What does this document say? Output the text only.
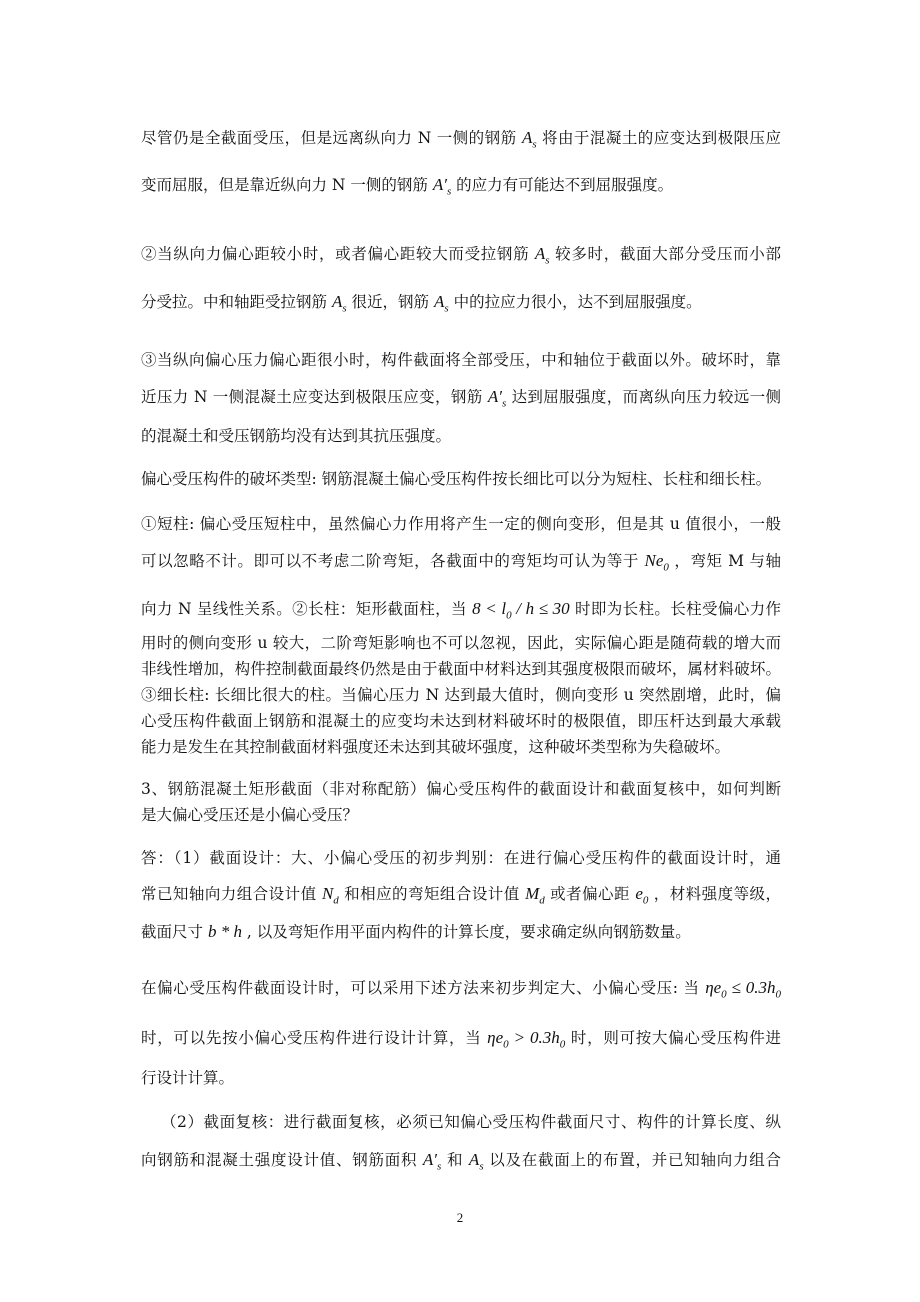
尽管仍是全截面受压，但是远离纵向力 N 一侧的钢筋 $A_s$ 将由于混凝土的应变达到极限压应
变而屈服，但是靠近纵向力 N 一侧的钢筋 $A'_s$ 的应力有可能达不到屈服强度。
②当纵向力偏心距较小时，或者偏心距较大而受拉钢筋 $A_s$ 较多时，截面大部分受压而小部
分受拉。中和轴距受拉钢筋 $A_s$ 很近，钢筋 $A_s$ 中的拉应力很小，达不到屈服强度。
③当纵向偏心压力偏心距很小时，构件截面将全部受压，中和轴位于截面以外。破坏时，靠
近压力 N 一侧混凝土应变达到极限压应变，钢筋 $A'_s$ 达到屈服强度，而离纵向压力较远一侧
的混凝土和受压钢筋均没有达到其抗压强度。
偏心受压构件的破坏类型: 钢筋混凝土偏心受压构件按长细比可以分为短柱、长柱和细长柱。
①短柱: 偏心受压短柱中，虽然偏心力作用将产生一定的侧向变形，但是其 u 值很小，一般
可以忽略不计。即可以不考虑二阶弯矩，各截面中的弯矩均可认为等于 $Ne_0$ ，弯矩 M 与轴
向力 N 呈线性关系。②长柱：矩形截面柱，当 $8 < l_0 / h \le 30$ 时即为长柱。长柱受偏心力作
用时的侧向变形 u 较大，二阶弯矩影响也不可以忽视，因此，实际偏心距是随荷载的增大而
非线性增加，构件控制截面最终仍然是由于截面中材料达到其强度极限而破坏，属材料破坏。
③细长柱: 长细比很大的柱。当偏心压力 N 达到最大值时，侧向变形 u 突然剧增，此时，偏
心受压构件截面上钢筋和混凝土的应变均未达到材料破坏时的极限值，即压杆达到最大承载
能力是发生在其控制截面材料强度还未达到其破坏强度，这种破坏类型称为失稳破坏。
3、钢筋混凝土矩形截面（非对称配筋）偏心受压构件的截面设计和截面复核中，如何判断
是大偏心受压还是小偏心受压？
答：（1）截面设计：大、小偏心受压的初步判别：在进行偏心受压构件的截面设计时，通
常已知轴向力组合设计值 $N_d$ 和相应的弯矩组合设计值 $M_d$ 或者偏心距 $e_0$ ，材料强度等级，
截面尺寸 b * h , 以及弯矩作用平面内构件的计算长度，要求确定纵向钢筋数量。
在偏心受压构件截面设计时，可以采用下述方法来初步判定大、小偏心受压: 当 $\eta e_0 \le 0.3h_0$
时，可以先按小偏心受压构件进行设计计算，当 $\eta e_0 > 0.3h_0$ 时，则可按大偏心受压构件进
行设计计算。
（2）截面复核：进行截面复核，必须已知偏心受压构件截面尺寸、构件的计算长度、纵
向钢筋和混凝土强度设计值、钢筋面积 $A'_s$ 和 $A_s$ 以及在截面上的布置，并已知轴向力组合
2
